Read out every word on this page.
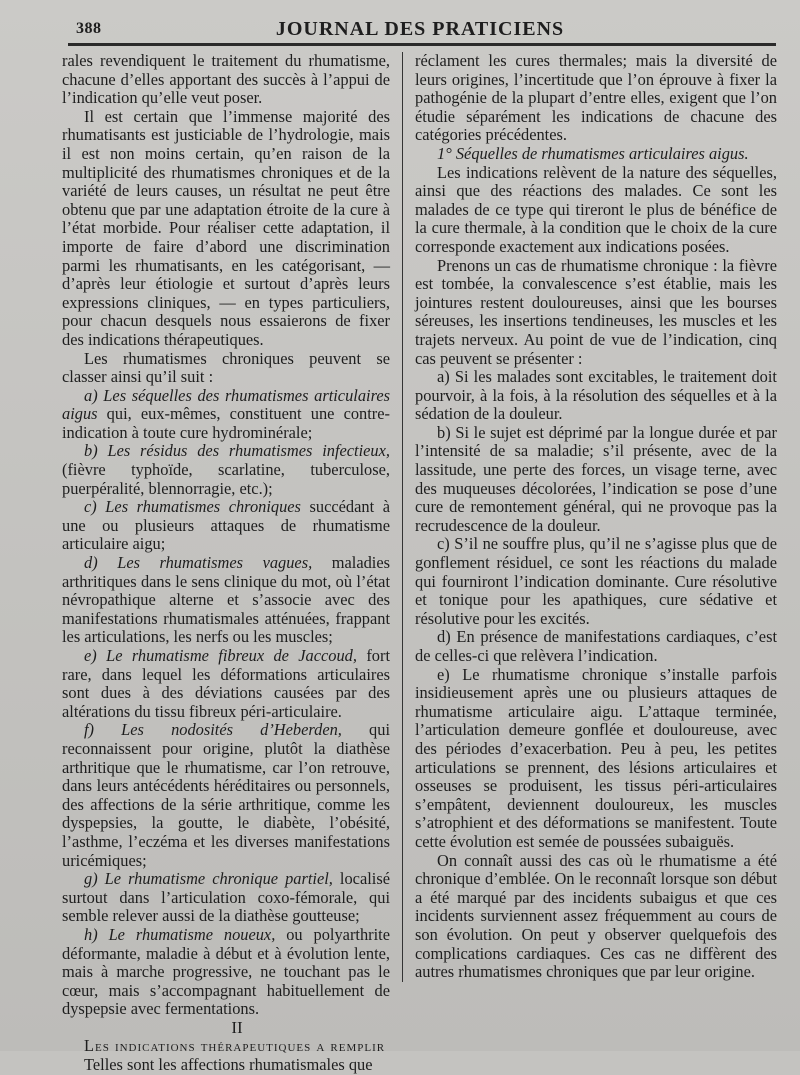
388	JOURNAL DES PRATICIENS

rales revendiquent le traitement du rhumatisme, chacune d’elles apportant des succès à l’appui de l’indication qu’elle veut poser.

Il est certain que l’immense majorité des rhumatisants est justiciable de l’hydrologie, mais il est non moins certain, qu’en raison de la multiplicité des rhumatismes chroniques et de la variété de leurs causes, un résultat ne peut être obtenu que par une adaptation étroite de la cure à l’état morbide. Pour réaliser cette adaptation, il importe de faire d’abord une discrimination parmi les rhumatisants, en les catégorisant, — d’après leur étiologie et surtout d’après leurs expressions cliniques, — en types particuliers, pour chacun desquels nous essaierons de fixer des indications thérapeutiques.

Les rhumatismes chroniques peuvent se classer ainsi qu’il suit :

a) Les séquelles des rhumatismes articulaires aigus qui, eux-mêmes, constituent une contre-indication à toute cure hydrominérale;

b) Les résidus des rhumatismes infectieux, (fièvre typhoïde, scarlatine, tuberculose, puerpéralité, blennorragie, etc.);

c) Les rhumatismes chroniques succédant à une ou plusieurs attaques de rhumatisme articulaire aigu;

d) Les rhumatismes vagues, maladies arthritiques dans le sens clinique du mot, où l’état névropathique alterne et s’associe avec des manifestations rhumatismales atténuées, frappant les articulations, les nerfs ou les muscles;

e) Le rhumatisme fibreux de Jaccoud, fort rare, dans lequel les déformations articulaires sont dues à des déviations causées par des altérations du tissu fibreux péri-articulaire.

f) Les nodosités d’Heberden, qui reconnaissent pour origine, plutôt la diathèse arthritique que le rhumatisme, car l’on retrouve, dans leurs antécédents héréditaires ou personnels, des affections de la série arthritique, comme les dyspepsies, la goutte, le diabète, l’obésité, l’asthme, l’eczéma et les diverses manifestations uricémiques;

g) Le rhumatisme chronique partiel, localisé surtout dans l’articulation coxo-fémorale, qui semble relever aussi de la diathèse goutteuse;

h) Le rhumatisme noueux, ou polyarthrite déformante, maladie à début et à évolution lente, mais à marche progressive, ne touchant pas le cœur, mais s’accompagnant habituellement de dyspepsie avec fermentations.

II

Les indications thérapeutiques a remplir

Telles sont les affections rhumatismales que

réclament les cures thermales; mais la diversité de leurs origines, l’incertitude que l’on éprouve à fixer la pathogénie de la plupart d’entre elles, exigent que l’on étudie séparément les indications de chacune des catégories précédentes.

1° Séquelles de rhumatismes articulaires aigus.

Les indications relèvent de la nature des séquelles, ainsi que des réactions des malades. Ce sont les malades de ce type qui tireront le plus de bénéfice de la cure thermale, à la condition que le choix de la cure corresponde exactement aux indications posées.

Prenons un cas de rhumatisme chronique : la fièvre est tombée, la convalescence s’est établie, mais les jointures restent douloureuses, ainsi que les bourses séreuses, les insertions tendineuses, les muscles et les trajets nerveux. Au point de vue de l’indication, cinq cas peuvent se présenter :

a) Si les malades sont excitables, le traitement doit pourvoir, à la fois, à la résolution des séquelles et à la sédation de la douleur.

b) Si le sujet est déprimé par la longue durée et par l’intensité de sa maladie; s’il présente, avec de la lassitude, une perte des forces, un visage terne, avec des muqueuses décolorées, l’indication se pose d’une cure de remontement général, qui ne provoque pas la recrudescence de la douleur.

c) S’il ne souffre plus, qu’il ne s’agisse plus que de gonflement résiduel, ce sont les réactions du malade qui fourniront l’indication dominante. Cure résolutive et tonique pour les apathiques, cure sédative et résolutive pour les excités.

d) En présence de manifestations cardiaques, c’est de celles-ci que relèvera l’indication.

e) Le rhumatisme chronique s’installe parfois insidieusement après une ou plusieurs attaques de rhumatisme articulaire aigu. L’attaque terminée, l’articulation demeure gonflée et douloureuse, avec des périodes d’exacerbation. Peu à peu, les petites articulations se prennent, des lésions articulaires et osseuses se produisent, les tissus péri-articulaires s’empâtent, deviennent douloureux, les muscles s’atrophient et des déformations se manifestent. Toute cette évolution est semée de poussées subaiguës.

On connaît aussi des cas où le rhumatisme a été chronique d’emblée. On le reconnaît lorsque son début a été marqué par des incidents subaigus et que ces incidents surviennent assez fréquemment au cours de son évolution. On peut y observer quelquefois des complications cardiaques. Ces cas ne diffèrent des autres rhumatismes chroniques que par leur origine.
